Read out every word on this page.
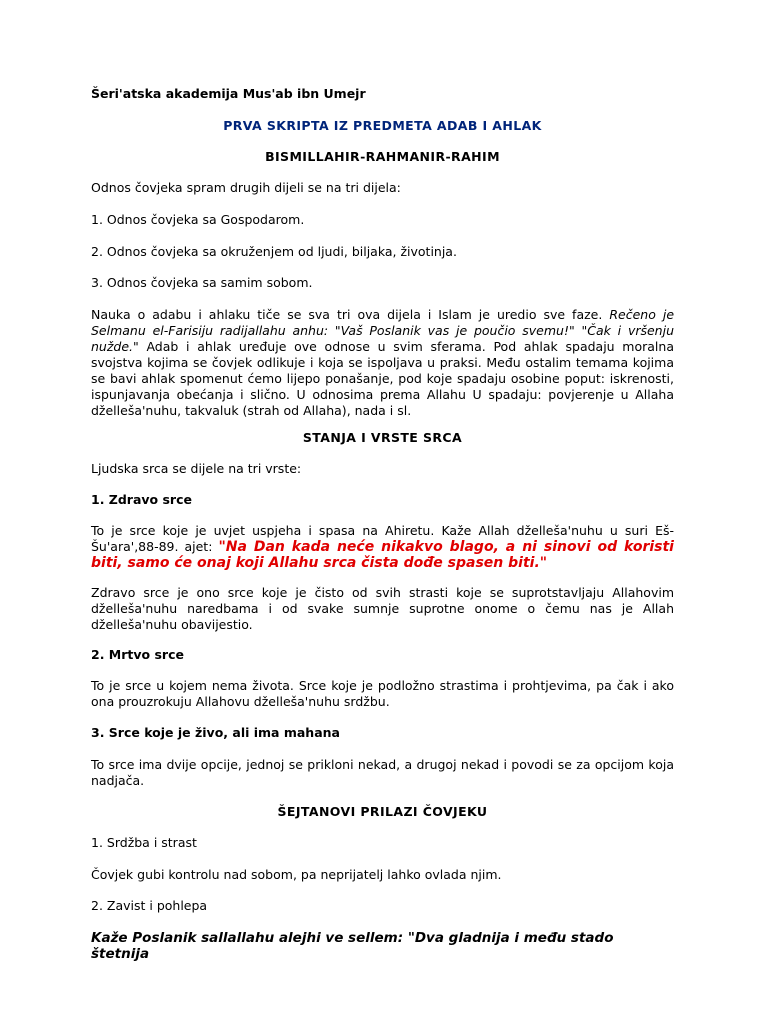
Šeri'atska akademija Mus'ab ibn Umejr

PRVA SKRIPTA IZ PREDMETA ADAB I AHLAK

BISMILLAHIR-RAHMANIR-RAHIM

Odnos čovjeka spram drugih dijeli se na tri dijela:

1. Odnos čovjeka sa Gospodarom.

2. Odnos čovjeka sa okruženjem od ljudi, biljaka, životinja.

3. Odnos čovjeka sa samim sobom.

Nauka o adabu i ahlaku tiče se sva tri ova dijela i Islam je uredio sve faze. Rečeno je Selmanu el-Farisiju radijallahu anhu: "Vaš Poslanik vas je poučio svemu!" "Čak i vršenju nužde." Adab i ahlak uređuje ove odnose u svim sferama. Pod ahlak spadaju moralna svojstva kojima se čovjek odlikuje i koja se ispoljava u praksi. Među ostalim temama kojima se bavi ahlak spomenut ćemo lijepo ponašanje, pod koje spadaju osobine poput: iskrenosti, ispunjavanja obećanja i slično. U odnosima prema Allahu U spadaju: povjerenje u Allaha dželleša'nuhu, takvaluk (strah od Allaha), nada i sl.

STANJA I VRSTE SRCA

Ljudska srca se dijele na tri vrste:

1. Zdravo srce

To je srce koje je uvjet uspjeha i spasa na Ahiretu. Kaže Allah dželleša'nuhu u suri Eš-Šu'ara',88-89. ajet: "Na Dan kada neće nikakvo blago, a ni sinovi od koristi biti, samo će onaj koji Allahu srca čista dođe spasen biti."

Zdravo srce je ono srce koje je čisto od svih strasti koje se suprotstavljaju Allahovim dželleša'nuhu naredbama i od svake sumnje suprotne onome o čemu nas je Allah dželleša'nuhu obavijestio.

2. Mrtvo srce

To je srce u kojem nema života. Srce koje je podložno strastima i prohtjevima, pa čak i ako ona prouzrokuju Allahovu dželleša'nuhu srdžbu.

3. Srce koje je živo, ali ima mahana

To srce ima dvije opcije, jednoj se prikloni nekad, a drugoj nekad i povodi se za opcijom koja nadjača.

ŠEJTANOVI PRILAZI ČOVJEKU

1. Srdžba i strast

Čovjek gubi kontrolu nad sobom, pa neprijatelj lahko ovlada njim.

2. Zavist i pohlepa

Kaže Poslanik sallallahu alejhi ve sellem: "Dva gladnija i među stado štetnija
